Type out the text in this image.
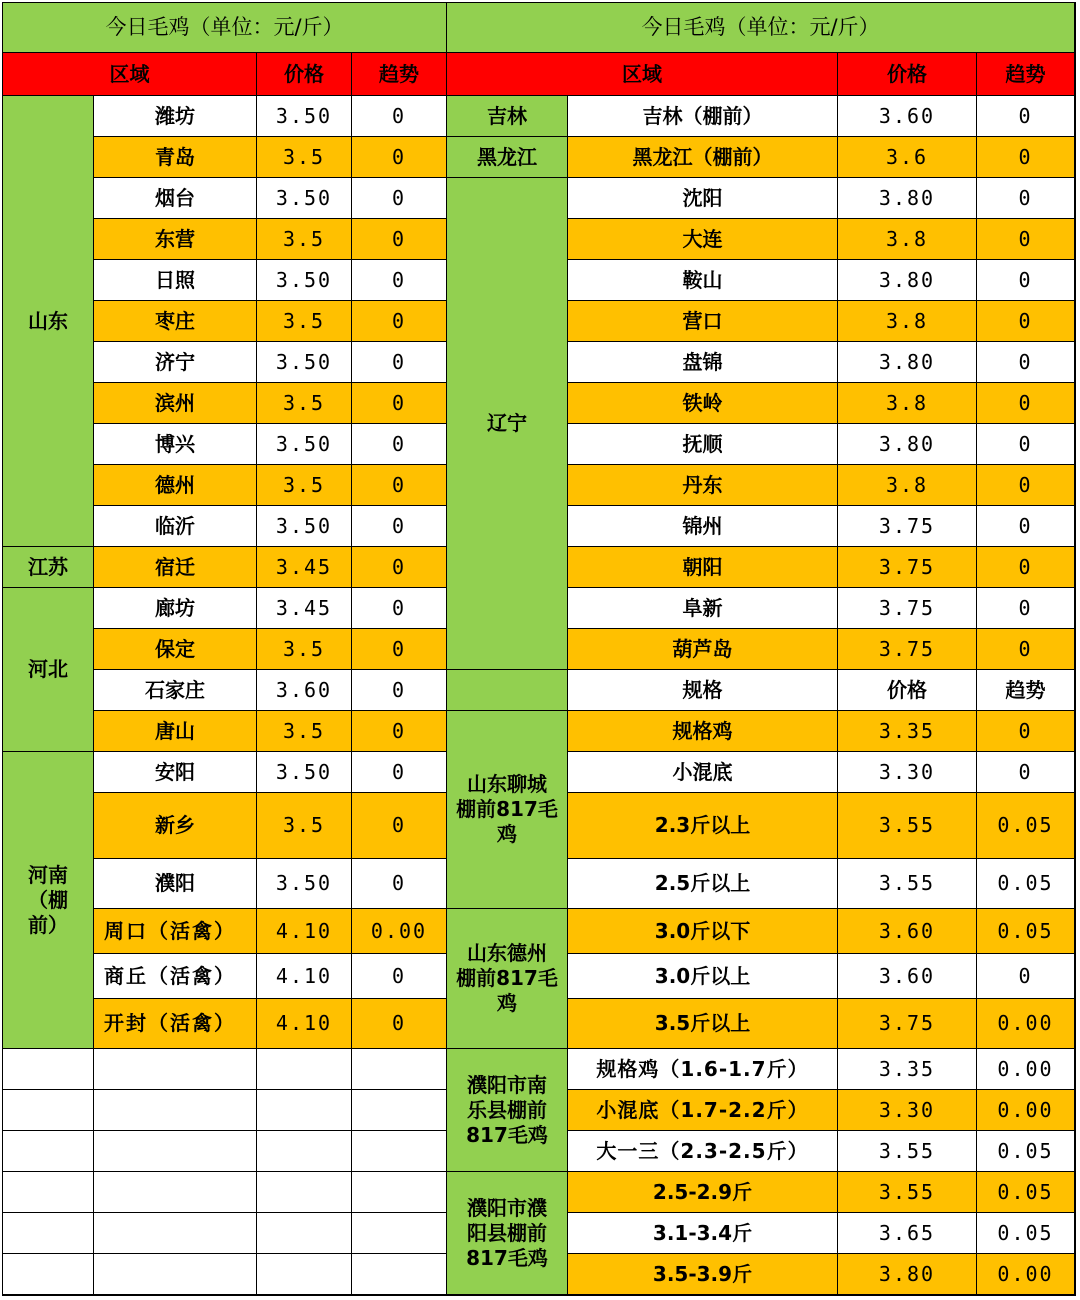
今日毛鸡（单位：元/斤）
区域	价格	趋势
山东
潍坊	3.50	0
青岛	3.5	0
烟台	3.50	0
东营	3.5	0
日照	3.50	0
枣庄	3.5	0
济宁	3.50	0
滨州	3.5	0
博兴	3.50	0
德州	3.5	0
临沂	3.50	0
江苏	宿迁	3.45	0
河北
廊坊	3.45	0
保定	3.5	0
石家庄	3.60	0
唐山	3.5	0
河南
（棚
前）
安阳	3.50	0
新乡	3.5	0
濮阳	3.50	0
周口（活禽）	4.10	0.00
商丘（活禽）	4.10	0
开封（活禽）	4.10	0
今日毛鸡（单位：元/斤）
区域	价格	趋势
吉林	吉林（棚前）	3.60	0
黑龙江	黑龙江（棚前）	3.6	0
辽宁
沈阳	3.80	0
大连	3.8	0
鞍山	3.80	0
营口	3.8	0
盘锦	3.80	0
铁岭	3.8	0
抚顺	3.80	0
丹东	3.8	0
锦州	3.75	0
朝阳	3.75	0
阜新	3.75	0
葫芦岛	3.75	0
规格	价格	趋势
山东聊城
棚前817毛
鸡
规格鸡	3.35	0
小混底	3.30	0
2.3斤以上	3.55	0.05
2.5斤以上	3.55	0.05
山东德州
棚前817毛
鸡
3.0斤以下	3.60	0.05
3.0斤以上	3.60	0
3.5斤以上	3.75	0.00
濮阳市南
乐县棚前
817毛鸡
规格鸡（1.6-1.7斤）	3.35	0.00
小混底（1.7-2.2斤）	3.30	0.00
大一三（2.3-2.5斤）	3.55	0.05
濮阳市濮
阳县棚前
817毛鸡
2.5-2.9斤	3.55	0.05
3.1-3.4斤	3.65	0.05
3.5-3.9斤	3.80	0.00
